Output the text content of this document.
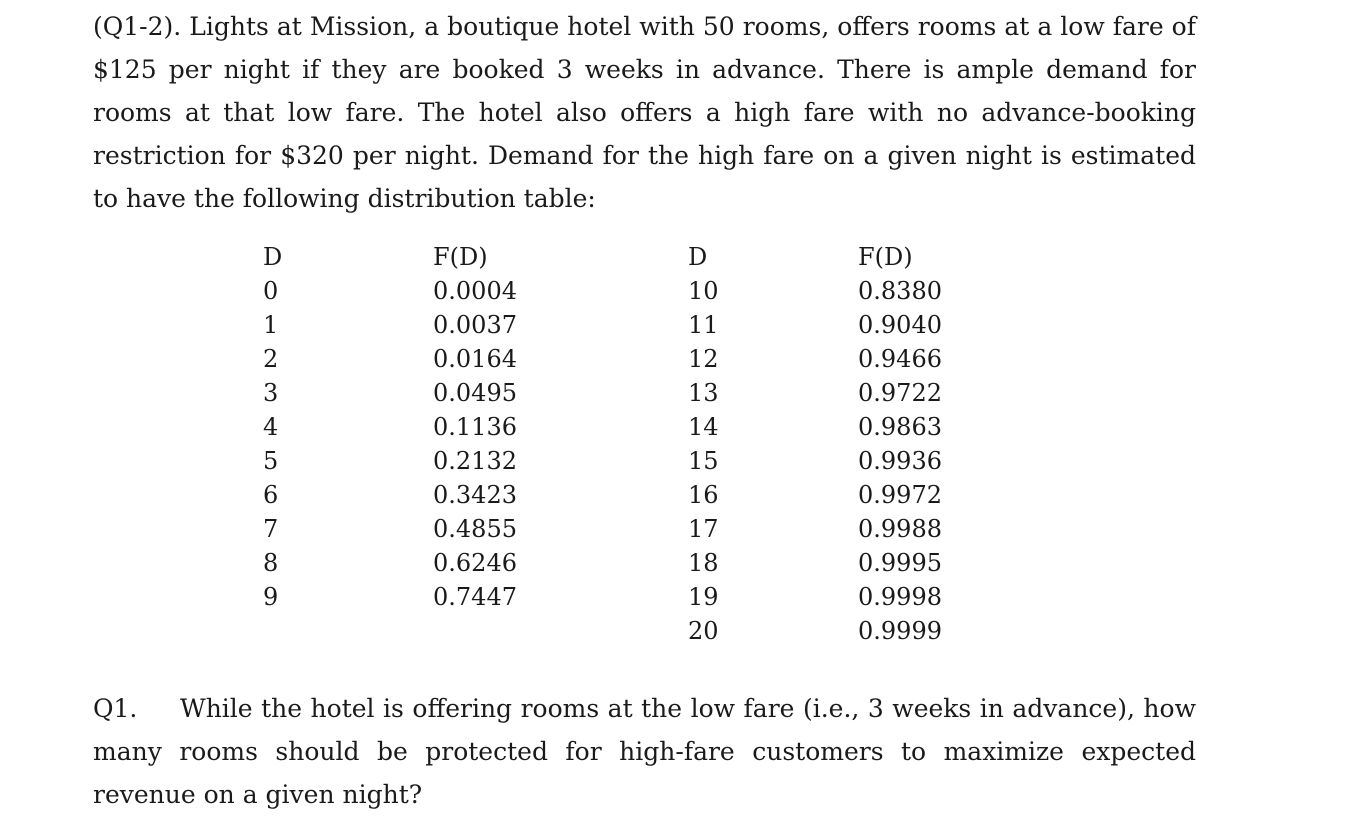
(Q1-2). Lights at Mission, a boutique hotel with 50 rooms, offers rooms at a low fare of $125 per night if they are booked 3 weeks in advance. There is ample demand for rooms at that low fare. The hotel also offers a high fare with no advance-booking restriction for $320 per night. Demand for the high fare on a given night is estimated to have the following distribution table:

D
0
1
2
3
4
5
6
7
8
9
F(D)
0.0004
0.0037
0.0164
0.0495
0.1136
0.2132
0.3423
0.4855
0.6246
0.7447
D
10
11
12
13
14
15
16
17
18
19
20
F(D)
0.8380
0.9040
0.9466
0.9722
0.9863
0.9936
0.9972
0.9988
0.9995
0.9998
0.9999

Q1. While the hotel is offering rooms at the low fare (i.e., 3 weeks in advance), how many rooms should be protected for high-fare customers to maximize expected revenue on a given night?
